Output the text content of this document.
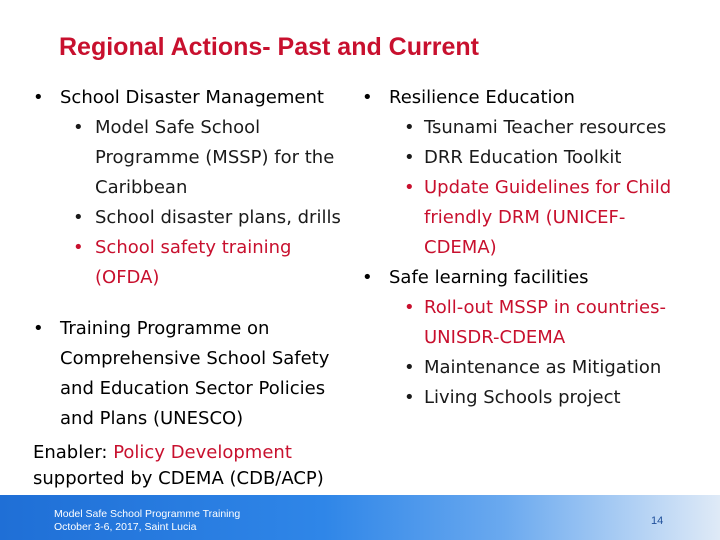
Regional Actions- Past and Current
• School Disaster Management
• Model Safe School Programme (MSSP) for the Caribbean
• School disaster plans, drills
• School safety training (OFDA)
• Training Programme on Comprehensive School Safety and Education Sector Policies and Plans (UNESCO)
• Resilience Education
• Tsunami Teacher resources
• DRR Education Toolkit
• Update Guidelines for Child friendly DRM (UNICEF-CDEMA)
• Safe learning facilities
• Roll-out MSSP in countries-UNISDR-CDEMA
• Maintenance as Mitigation
• Living Schools project
Enabler: Policy Development
supported by CDEMA (CDB/ACP)
Model Safe School Programme Training
October 3-6, 2017, Saint Lucia	14
